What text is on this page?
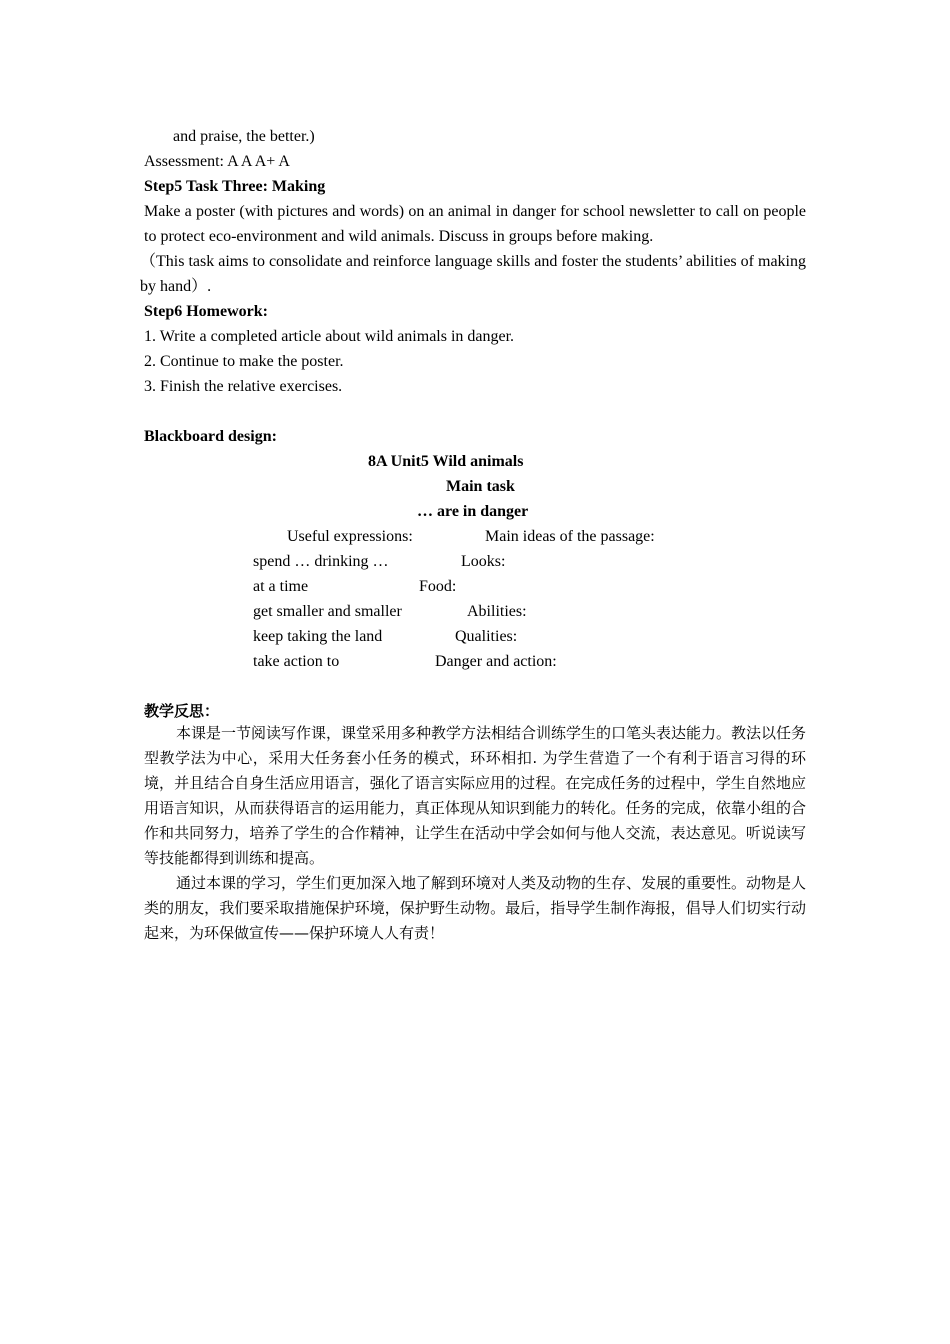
and praise, the better.)
Assessment: A A A+ A
Step5 Task Three: Making
Make a poster (with pictures and words) on an animal in danger for school newsletter to call on people to protect eco-environment and wild animals. Discuss in groups before making.
（This task aims to consolidate and reinforce language skills and foster the students’ abilities of making by hand）.
Step6 Homework:
1. Write a completed article about wild animals in danger.
2. Continue to make the poster.
3. Finish the relative exercises.
Blackboard design:
8A Unit5 Wild animals
Main task
… are in danger
Useful expressions:	Main ideas of the passage:
spend … drinking …	Looks:
at a time	Food:
get smaller and smaller	Abilities:
keep taking the land	Qualities:
take action to	Danger and action:
教学反思：
本课是一节阅读写作课，课堂采用多种教学方法相结合训练学生的口笔头表达能力。教法以任务型教学法为中心，采用大任务套小任务的模式，环环相扣. 为学生营造了一个有利于语言习得的环境，并且结合自身生活应用语言，强化了语言实际应用的过程。在完成任务的过程中，学生自然地应用语言知识，从而获得语言的运用能力，真正体现从知识到能力的转化。任务的完成，依靠小组的合作和共同努力，培养了学生的合作精神，让学生在活动中学会如何与他人交流，表达意见。听说读写等技能都得到训练和提高。
通过本课的学习，学生们更加深入地了解到环境对人类及动物的生存、发展的重要性。动物是人类的朋友，我们要采取措施保护环境，保护野生动物。最后，指导学生制作海报，倡导人们切实行动起来，为环保做宣传——保护环境人人有责！
